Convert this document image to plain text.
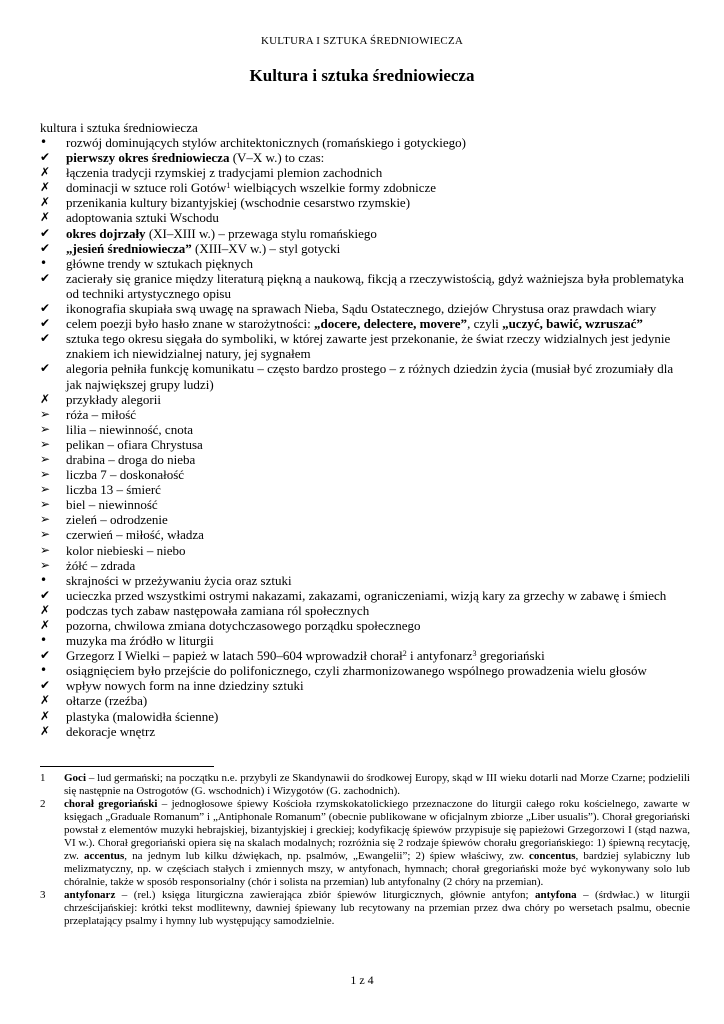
KULTURA I SZTUKA ŚREDNIOWIECZA
Kultura i sztuka średniowiecza
kultura i sztuka średniowiecza
•	rozwój dominujących stylów architektonicznych (romańskiego i gotyckiego)
✔	pierwszy okres średniowiecza (V–X w.) to czas:
✗	łączenia tradycji rzymskiej z tradycjami plemion zachodnich
✗	dominacji w sztuce roli Gotów$^1$ wielbiących wszelkie formy zdobnicze
✗	przenikania kultury bizantyjskiej (wschodnie cesarstwo rzymskie)
✗	adoptowania sztuki Wschodu
✔	okres dojrzały (XI–XIII w.) – przewaga stylu romańskiego
✔	„jesień średniowiecza” (XIII–XV w.) – styl gotycki
•	główne trendy w sztukach pięknych
✔	zacierały się granice między literaturą piękną a naukową, fikcją a rzeczywistością, gdyż ważniejsza była problematyka od techniki artystycznego opisu
✔	ikonografia skupiała swą uwagę na sprawach Nieba, Sądu Ostatecznego, dziejów Chrystusa oraz prawdach wiary
✔	celem poezji było hasło znane w starożytności: „docere, delectere, movere”, czyli „uczyć, bawić, wzruszać”
✔	sztuka tego okresu sięgała do symboliki, w której zawarte jest przekonanie, że świat rzeczy widzialnych jest jedynie znakiem ich niewidzialnej natury, jej sygnałem
✔	alegoria pełniła funkcję komunikatu – często bardzo prostego – z różnych dziedzin życia (musiał być zrozumiały dla jak największej grupy ludzi)
✗	przykłady alegorii
➢	róża – miłość
➢	lilia – niewinność, cnota
➢	pelikan – ofiara Chrystusa
➢	drabina – droga do nieba
➢	liczba 7 – doskonałość
➢	liczba 13 – śmierć
➢	biel – niewinność
➢	zieleń – odrodzenie
➢	czerwień – miłość, władza
➢	kolor niebieski – niebo
➢	żółć – zdrada
•	skrajności w przeżywaniu życia oraz sztuki
✔	ucieczka przed wszystkimi ostrymi nakazami, zakazami, ograniczeniami, wizją kary za grzechy w zabawę i śmiech
✗	podczas tych zabaw następowała zamiana ról społecznych
✗	pozorna, chwilowa zmiana dotychczasowego porządku społecznego
•	muzyka ma źródło w liturgii
✔	Grzegorz I Wielki – papież w latach 590–604 wprowadził chorał$^2$ i antyfonarz$^3$ gregoriański
•	osiągnięciem było przejście do polifonicznego, czyli zharmonizowanego wspólnego prowadzenia wielu głosów
✔	wpływ nowych form na inne dziedziny sztuki
✗	ołtarze (rzeźba)
✗	plastyka (malowidła ścienne)
✗	dekoracje wnętrz
1 Goci – lud germański; na początku n.e. przybyli ze Skandynawii do środkowej Europy, skąd w III wieku dotarli nad Morze Czarne; podzielili się następnie na Ostrogotów (G. wschodnich) i Wizygotów (G. zachodnich).
2 chorał gregoriański – jednogłosowe śpiewy Kościoła rzymskokatolickiego przeznaczone do liturgii całego roku kościelnego, zawarte w księgach „Graduale Romanum” i „Antiphonale Romanum” (obecnie publikowane w oficjalnym zbiorze „Liber usualis”). Chorał gregoriański powstał z elementów muzyki hebrajskiej, bizantyjskiej i greckiej; kodyfikację śpiewów przypisuje się papieżowi Grzegorzowi I (stąd nazwa, VI w.). Chorał gregoriański opiera się na skalach modalnych; rozróżnia się 2 rodzaje śpiewów chorału gregoriańskiego: 1) śpiewną recytację, zw. accentus, na jednym lub kilku dźwiękach, np. psalmów, „Ewangelii”; 2) śpiew właściwy, zw. concentus, bardziej sylabiczny lub melizmatyczny, np. w częściach stałych i zmiennych mszy, w antyfonach, hymnach; chorał gregoriański może być wykonywany solo lub chóralnie, także w sposób responsorialny (chór i solista na przemian) lub antyfonalny (2 chóry na przemian).
3 antyfonarz – (rel.) księga liturgiczna zawierająca zbiór śpiewów liturgicznych, głównie antyfon; antyfona – (śrdwłac.) w liturgii chrześcijańskiej: krótki tekst modlitewny, dawniej śpiewany lub recytowany na przemian przez dwa chóry po wersetach psalmu, obecnie przeplatający psalmy i hymny lub występujący samodzielnie.
1 z 4
